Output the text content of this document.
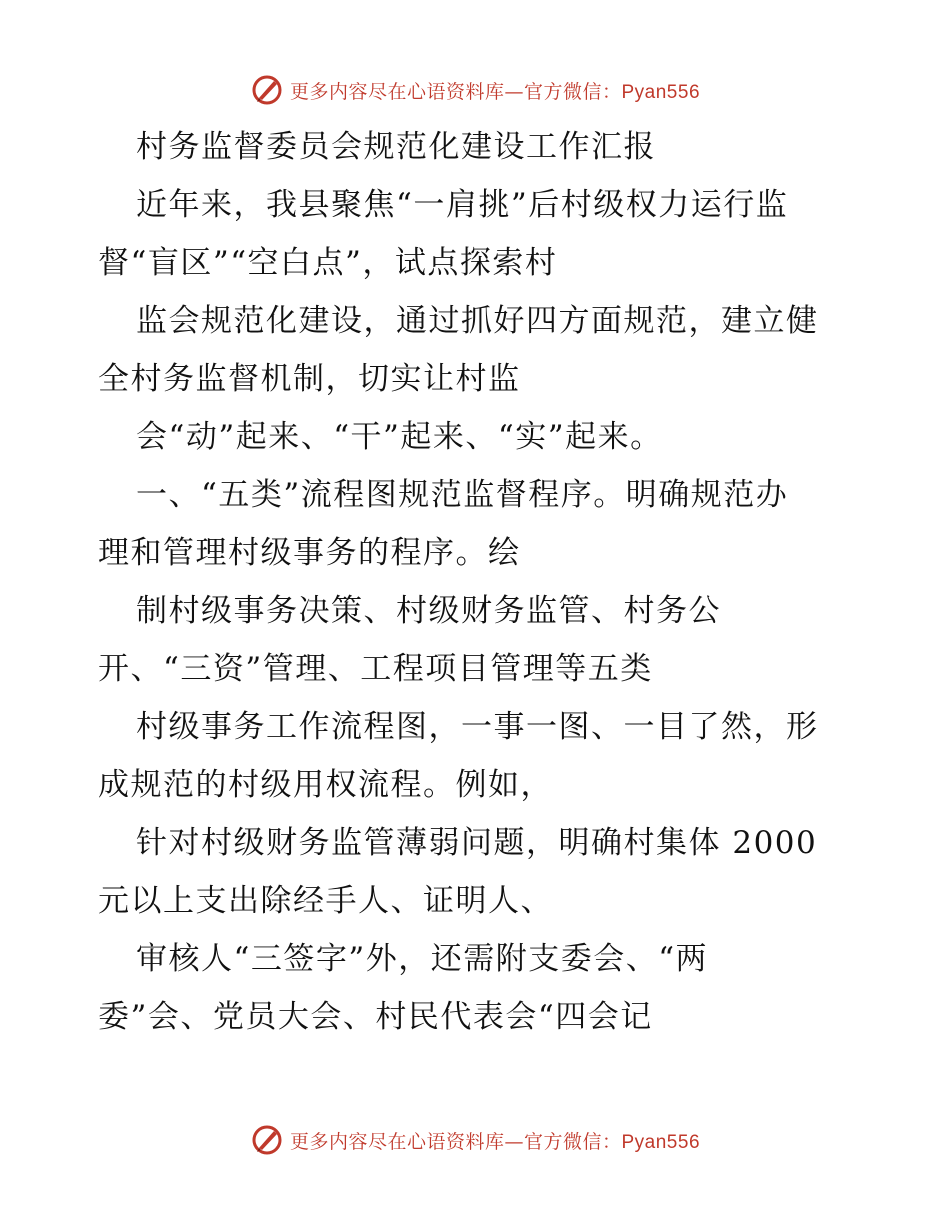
更多内容尽在心语资料库—官方微信：Pyan556
村务监督委员会规范化建设工作汇报
近年来，我县聚焦“一肩挑”后村级权力运行监
督“盲区”“空白点”，试点探索村
监会规范化建设，通过抓好四方面规范，建立健
全村务监督机制，切实让村监
会“动”起来、“干”起来、“实”起来。
一、“五类”流程图规范监督程序。明确规范办
理和管理村级事务的程序。绘
制村级事务决策、村级财务监管、村务公
开、“三资”管理、工程项目管理等五类
村级事务工作流程图，一事一图、一目了然，形
成规范的村级用权流程。例如，
针对村级财务监管薄弱问题，明确村集体 2000
元以上支出除经手人、证明人、
审核人“三签字”外，还需附支委会、“两
委”会、党员大会、村民代表会“四会记
更多内容尽在心语资料库—官方微信：Pyan556
